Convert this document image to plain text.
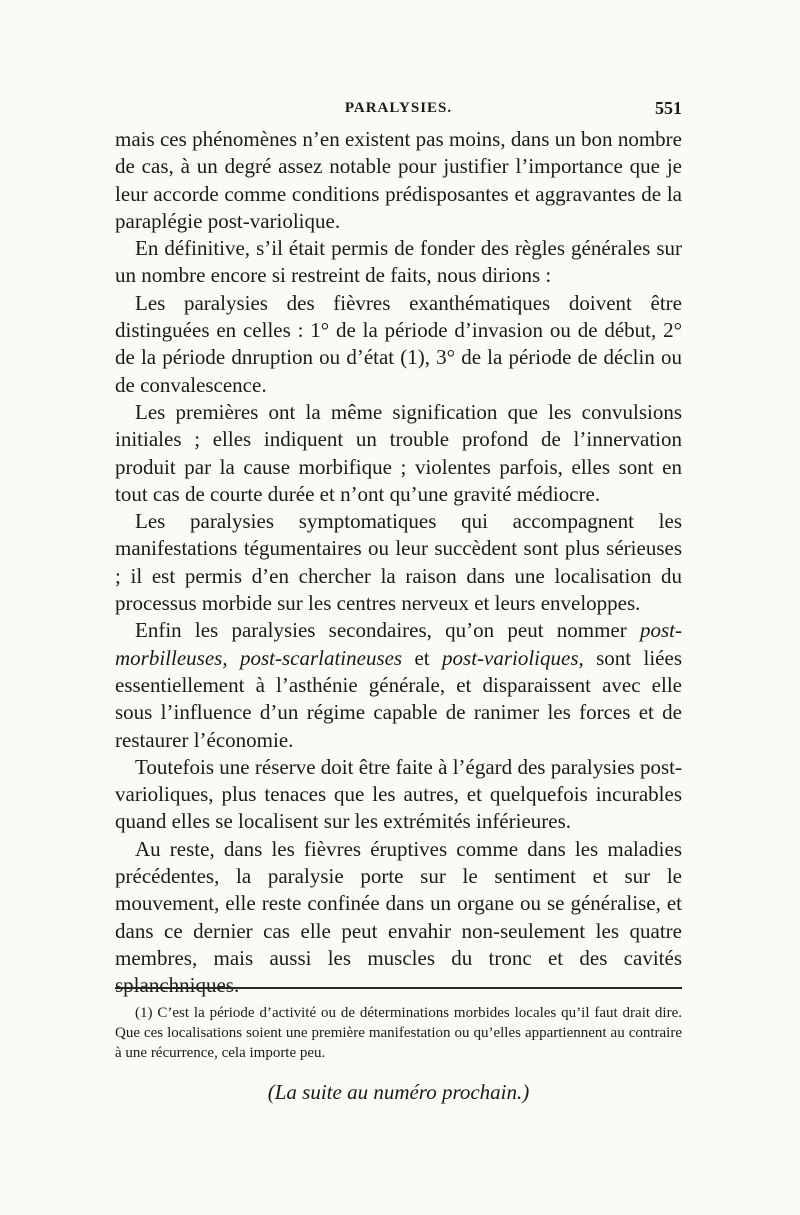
PARALYSIES.	551

mais ces phénomènes n’en existent pas moins, dans un bon nombre de cas, à un degré assez notable pour justifier l’importance que je leur accorde comme conditions prédisposantes et aggravantes de la paraplégie post-variolique.

En définitive, s’il était permis de fonder des règles générales sur un nombre encore si restreint de faits, nous dirions :

Les paralysies des fièvres exanthématiques doivent être distinguées en celles : 1° de la période d’invasion ou de début, 2° de la période dnruption ou d’état (1), 3° de la période de déclin ou de convalescence.

Les premières ont la même signification que les convulsions initiales ; elles indiquent un trouble profond de l’innervation produit par la cause morbifique ; violentes parfois, elles sont en tout cas de courte durée et n’ont qu’une gravité médiocre.

Les paralysies symptomatiques qui accompagnent les manifestations tégumentaires ou leur succèdent sont plus sérieuses ; il est permis d’en chercher la raison dans une localisation du processus morbide sur les centres nerveux et leurs enveloppes.

Enfin les paralysies secondaires, qu’on peut nommer post-morbilleuses, post-scarlatineuses et post-varioliques, sont liées essentiellement à l’asthénie générale, et disparaissent avec elle sous l’influence d’un régime capable de ranimer les forces et de restaurer l’économie.

Toutefois une réserve doit être faite à l’égard des paralysies post-varioliques, plus tenaces que les autres, et quelquefois incurables quand elles se localisent sur les extrémités inférieures.

Au reste, dans les fièvres éruptives comme dans les maladies précédentes, la paralysie porte sur le sentiment et sur le mouvement, elle reste confinée dans un organe ou se généralise, et dans ce dernier cas elle peut envahir non-seulement les quatre membres, mais aussi les muscles du tronc et des cavités splanchniques.

(1) C’est la période d’activité ou de déterminations morbides locales qu’il faut drait dire. Que ces localisations soient une première manifestation ou qu’elles appartiennent au contraire à une récurrence, cela importe peu.

(La suite au numéro prochain.)
